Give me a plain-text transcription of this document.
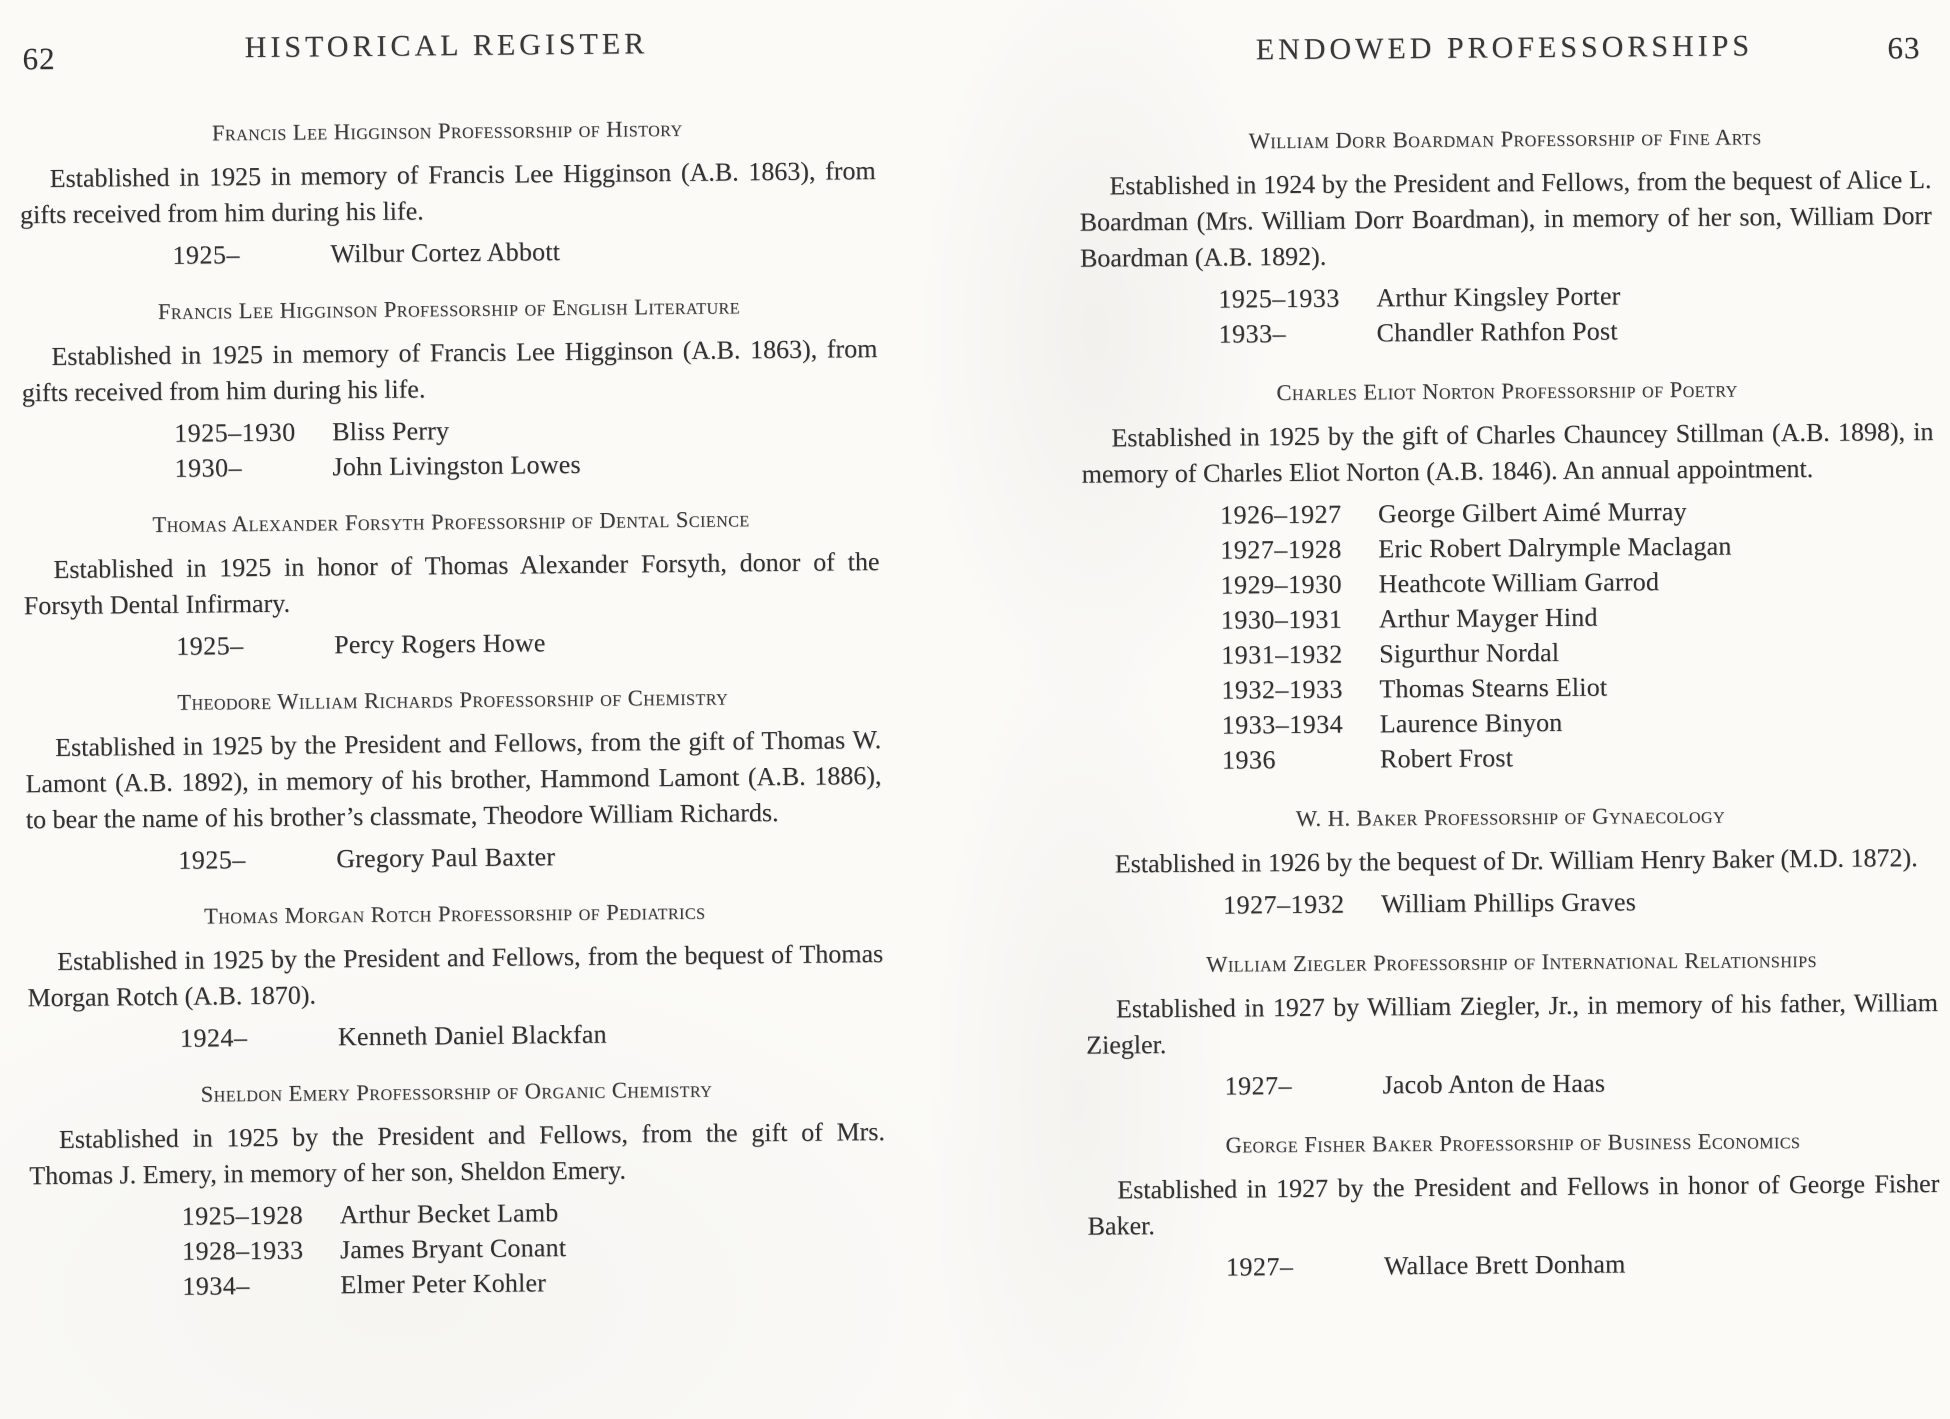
62	HISTORICAL REGISTER
Francis Lee Higginson Professorship of History

Established in 1925 in memory of Francis Lee Higginson (A.B. 1863), from gifts received from him during his life.

1925–	Wilbur Cortez Abbott
Francis Lee Higginson Professorship of English Literature

Established in 1925 in memory of Francis Lee Higginson (A.B. 1863), from gifts received from him during his life.

1925–1930	Bliss Perry
1930–	John Livingston Lowes
Thomas Alexander Forsyth Professorship of Dental Science

Established in 1925 in honor of Thomas Alexander Forsyth, donor of the Forsyth Dental Infirmary.

1925–	Percy Rogers Howe
Theodore William Richards Professorship of Chemistry

Established in 1925 by the President and Fellows, from the gift of Thomas W. Lamont (A.B. 1892), in memory of his brother, Hammond Lamont (A.B. 1886), to bear the name of his brother’s classmate, Theodore William Richards.

1925–	Gregory Paul Baxter
Thomas Morgan Rotch Professorship of Pediatrics

Established in 1925 by the President and Fellows, from the bequest of Thomas Morgan Rotch (A.B. 1870).

1924–	Kenneth Daniel Blackfan
Sheldon Emery Professorship of Organic Chemistry

Established in 1925 by the President and Fellows, from the gift of Mrs. Thomas J. Emery, in memory of her son, Sheldon Emery.

1925–1928	Arthur Becket Lamb
1928–1933	James Bryant Conant
1934–	Elmer Peter Kohler
ENDOWED PROFESSORSHIPS	63
William Dorr Boardman Professorship of Fine Arts

Established in 1924 by the President and Fellows, from the bequest of Alice L. Boardman (Mrs. William Dorr Boardman), in memory of her son, William Dorr Boardman (A.B. 1892).

1925–1933	Arthur Kingsley Porter
1933–	Chandler Rathfon Post
Charles Eliot Norton Professorship of Poetry

Established in 1925 by the gift of Charles Chauncey Stillman (A.B. 1898), in memory of Charles Eliot Norton (A.B. 1846). An annual appointment.

1926–1927	George Gilbert Aimé Murray
1927–1928	Eric Robert Dalrymple Maclagan
1929–1930	Heathcote William Garrod
1930–1931	Arthur Mayger Hind
1931–1932	Sigurthur Nordal
1932–1933	Thomas Stearns Eliot
1933–1934	Laurence Binyon
1936	Robert Frost
W. H. Baker Professorship of Gynaecology

Established in 1926 by the bequest of Dr. William Henry Baker (M.D. 1872).

1927–1932	William Phillips Graves
William Ziegler Professorship of International Relationships

Established in 1927 by William Ziegler, Jr., in memory of his father, William Ziegler.

1927–	Jacob Anton de Haas
George Fisher Baker Professorship of Business Economics

Established in 1927 by the President and Fellows in honor of George Fisher Baker.

1927–	Wallace Brett Donham
